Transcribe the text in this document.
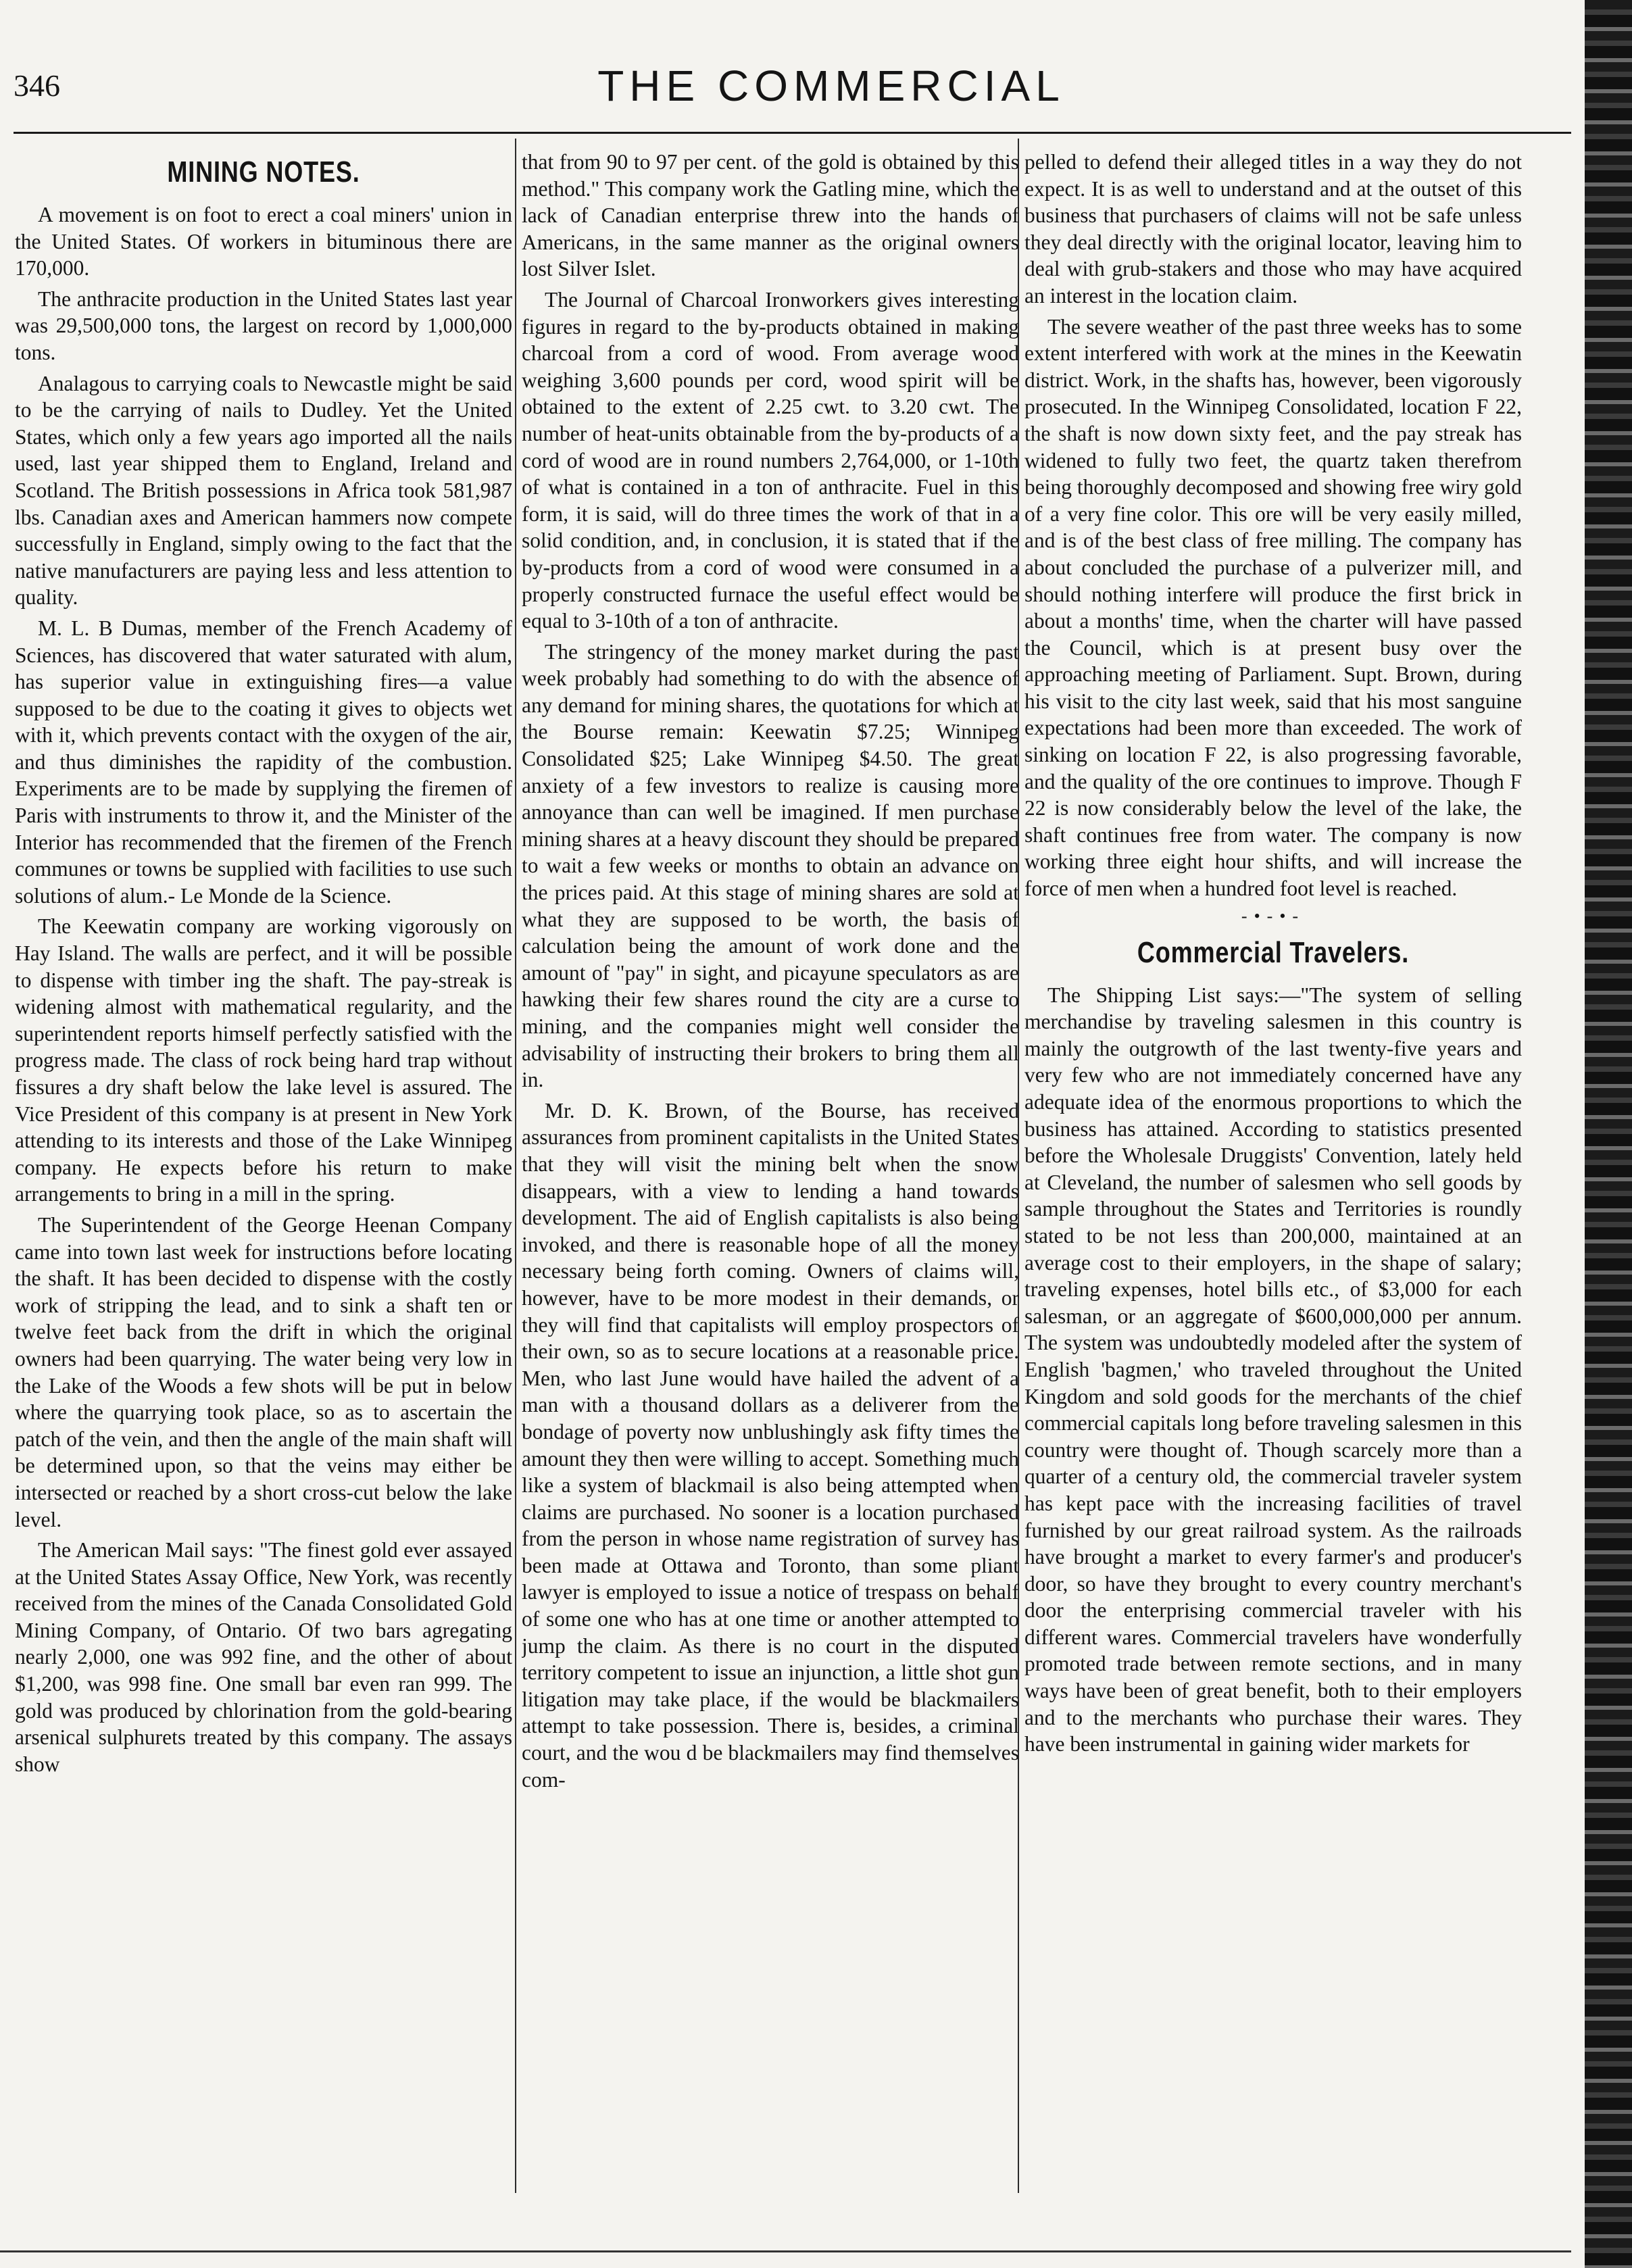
346	THE COMMERCIAL
MINING NOTES.

A movement is on foot to erect a coal miners' union in the United States. Of workers in bituminous there are 170,000.

The anthracite production in the United States last year was 29,500,000 tons, the largest on record by 1,000,000 tons.

Analagous to carrying coals to Newcastle might be said to be the carrying of nails to Dudley. Yet the United States, which only a few years ago imported all the nails used, last year shipped them to England, Ireland and Scotland. The British possessions in Africa took 581,987 lbs. Canadian axes and American hammers now compete successfully in England, simply owing to the fact that the native manufacturers are paying less and less attention to quality.

M. L. B Dumas, member of the French Academy of Sciences, has discovered that water saturated with alum, has superior value in extinguishing fires—a value supposed to be due to the coating it gives to objects wet with it, which prevents contact with the oxygen of the air, and thus diminishes the rapidity of the combustion. Experiments are to be made by supplying the firemen of Paris with instruments to throw it, and the Minister of the Interior has recommended that the firemen of the French communes or towns be supplied with facilities to use such solutions of alum.- Le Monde de la Science.

The Keewatin company are working vigorously on Hay Island. The walls are perfect, and it will be possible to dispense with timber ing the shaft. The pay-streak is widening almost with mathematical regularity, and the superintendent reports himself perfectly satisfied with the progress made. The class of rock being hard trap without fissures a dry shaft below the lake level is assured. The Vice President of this company is at present in New York attending to its interests and those of the Lake Winnipeg company. He expects before his return to make arrangements to bring in a mill in the spring.

The Superintendent of the George Heenan Company came into town last week for instructions before locating the shaft. It has been decided to dispense with the costly work of stripping the lead, and to sink a shaft ten or twelve feet back from the drift in which the original owners had been quarrying. The water being very low in the Lake of the Woods a few shots will be put in below where the quarrying took place, so as to ascertain the patch of the vein, and then the angle of the main shaft will be determined upon, so that the veins may either be intersected or reached by a short cross-cut below the lake level.

The American Mail says: "The finest gold ever assayed at the United States Assay Office, New York, was recently received from the mines of the Canada Consolidated Gold Mining Company, of Ontario. Of two bars agregating nearly 2,000, one was 992 fine, and the other of about $1,200, was 998 fine. One small bar even ran 999. The gold was produced by chlorination from the gold-bearing arsenical sulphurets treated by this company. The assays show

that from 90 to 97 per cent. of the gold is obtained by this method." This company work the Gatling mine, which the lack of Canadian enterprise threw into the hands of Americans, in the same manner as the original owners lost Silver Islet.

The Journal of Charcoal Ironworkers gives interesting figures in regard to the by-products obtained in making charcoal from a cord of wood. From average wood weighing 3,600 pounds per cord, wood spirit will be obtained to the extent of 2.25 cwt. to 3.20 cwt. The number of heat-units obtainable from the by-products of a cord of wood are in round numbers 2,764,000, or 1-10th of what is contained in a ton of anthracite. Fuel in this form, it is said, will do three times the work of that in a solid condition, and, in conclusion, it is stated that if the by-products from a cord of wood were consumed in a properly constructed furnace the useful effect would be equal to 3-10th of a ton of anthracite.

The stringency of the money market during the past week probably had something to do with the absence of any demand for mining shares, the quotations for which at the Bourse remain: Keewatin $7.25; Winnipeg Consolidated $25; Lake Winnipeg $4.50. The great anxiety of a few investors to realize is causing more annoyance than can well be imagined. If men purchase mining shares at a heavy discount they should be prepared to wait a few weeks or months to obtain an advance on the prices paid. At this stage of mining shares are sold at what they are supposed to be worth, the basis of calculation being the amount of work done and the amount of "pay" in sight, and picayune speculators as are hawking their few shares round the city are a curse to mining, and the companies might well consider the advisability of instructing their brokers to bring them all in.

Mr. D. K. Brown, of the Bourse, has received assurances from prominent capitalists in the United States that they will visit the mining belt when the snow disappears, with a view to lending a hand towards development. The aid of English capitalists is also being invoked, and there is reasonable hope of all the money necessary being forth coming. Owners of claims will, however, have to be more modest in their demands, or they will find that capitalists will employ prospectors of their own, so as to secure locations at a reasonable price. Men, who last June would have hailed the advent of a man with a thousand dollars as a deliverer from the bondage of poverty now unblushingly ask fifty times the amount they then were willing to accept. Something much like a system of blackmail is also being attempted when claims are purchased. No sooner is a location purchased from the person in whose name registration of survey has been made at Ottawa and Toronto, than some pliant lawyer is employed to issue a notice of trespass on behalf of some one who has at one time or another attempted to jump the claim. As there is no court in the disputed territory competent to issue an injunction, a little shot gun litigation may take place, if the would be blackmailers attempt to take possession. There is, besides, a criminal court, and the wou d be blackmailers may find themselves com-

pelled to defend their alleged titles in a way they do not expect. It is as well to understand and at the outset of this business that purchasers of claims will not be safe unless they deal directly with the original locator, leaving him to deal with grub-stakers and those who may have acquired an interest in the location claim.

The severe weather of the past three weeks has to some extent interfered with work at the mines in the Keewatin district. Work, in the shafts has, however, been vigorously prosecuted. In the Winnipeg Consolidated, location F 22, the shaft is now down sixty feet, and the pay streak has widened to fully two feet, the quartz taken therefrom being thoroughly decomposed and showing free wiry gold of a very fine color. This ore will be very easily milled, and is of the best class of free milling. The company has about concluded the purchase of a pulverizer mill, and should nothing interfere will produce the first brick in about a months' time, when the charter will have passed the Council, which is at present busy over the approaching meeting of Parliament. Supt. Brown, during his visit to the city last week, said that his most sanguine expectations had been more than exceeded. The work of sinking on location F 22, is also progressing favorable, and the quality of the ore continues to improve. Though F 22 is now considerably below the level of the lake, the shaft continues free from water. The company is now working three eight hour shifts, and will increase the force of men when a hundred foot level is reached.

-•-•-
Commercial Travelers.

The Shipping List says:—"The system of selling merchandise by traveling salesmen in this country is mainly the outgrowth of the last twenty-five years and very few who are not immediately concerned have any adequate idea of the enormous proportions to which the business has attained. According to statistics presented before the Wholesale Druggists' Convention, lately held at Cleveland, the number of salesmen who sell goods by sample throughout the States and Territories is roundly stated to be not less than 200,000, maintained at an average cost to their employers, in the shape of salary; traveling expenses, hotel bills etc., of $3,000 for each salesman, or an aggregate of $600,000,000 per annum. The system was undoubtedly modeled after the system of English 'bagmen,' who traveled throughout the United Kingdom and sold goods for the merchants of the chief commercial capitals long before traveling salesmen in this country were thought of. Though scarcely more than a quarter of a century old, the commercial traveler system has kept pace with the increasing facilities of travel furnished by our great railroad system. As the railroads have brought a market to every farmer's and producer's door, so have they brought to every country merchant's door the enterprising commercial traveler with his different wares. Commercial travelers have wonderfully promoted trade between remote sections, and in many ways have been of great benefit, both to their employers and to the merchants who purchase their wares. They have been instrumental in gaining wider markets for
